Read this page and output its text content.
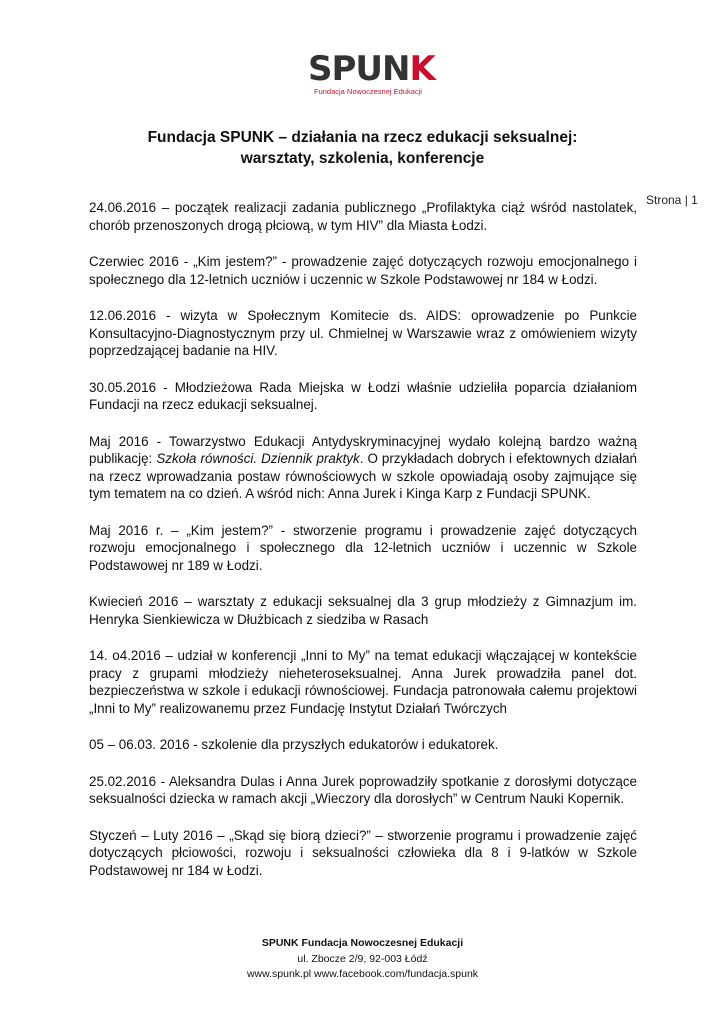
SPUNK
Fundacja Nowoczesnej Edukacji
Fundacja SPUNK – działania na rzecz edukacji seksualnej:
warsztaty, szkolenia, konferencje
Strona | 1

24.06.2016 – początek realizacji zadania publicznego „Profilaktyka ciąż wśród nastolatek, chorób przenoszonych drogą płciową, w tym HIV” dla Miasta Łodzi.

Czerwiec 2016 - „Kim jestem?” - prowadzenie zajęć dotyczących rozwoju emocjonalnego i społecznego dla 12-letnich uczniów i uczennic w Szkole Podstawowej nr 184 w Łodzi.

12.06.2016 - wizyta w Społecznym Komitecie ds. AIDS: oprowadzenie po Punkcie Konsultacyjno-Diagnostycznym przy ul. Chmielnej w Warszawie wraz z omówieniem wizyty poprzedzającej badanie na HIV.

30.05.2016 - Młodzieżowa Rada Miejska w Łodzi właśnie udzieliła poparcia działaniom Fundacji na rzecz edukacji seksualnej.

Maj 2016 - Towarzystwo Edukacji Antydyskryminacyjnej wydało kolejną bardzo ważną publikację: Szkoła równości. Dziennik praktyk. O przykładach dobrych i efektownych działań na rzecz wprowadzania postaw równościowych w szkole opowiadają osoby zajmujące się tym tematem na co dzień. A wśród nich: Anna Jurek i Kinga Karp z Fundacji SPUNK.

Maj 2016 r. – „Kim jestem?” - stworzenie programu i prowadzenie zajęć dotyczących rozwoju emocjonalnego i społecznego dla 12-letnich uczniów i uczennic w Szkole Podstawowej nr 189 w Łodzi.

Kwiecień 2016 – warsztaty z edukacji seksualnej dla 3 grup młodzieży z Gimnazjum im. Henryka Sienkiewicza w Dłużbicach z siedziba w Rasach

14. o4.2016 – udział w konferencji „Inni to My” na temat edukacji włączającej w kontekście pracy z grupami młodzieży nieheteroseksualnej. Anna Jurek prowadziła panel dot. bezpieczeństwa w szkole i edukacji równościowej. Fundacja patronowała całemu projektowi „Inni to My” realizowanemu przez Fundację Instytut Działań Twórczych

05 – 06.03. 2016 - szkolenie dla przyszłych edukatorów i edukatorek.

25.02.2016 - Aleksandra Dulas i Anna Jurek poprowadziły spotkanie z dorosłymi dotyczące seksualności dziecka w ramach akcji „Wieczory dla dorosłych” w Centrum Nauki Kopernik.

Styczeń – Luty 2016 – „Skąd się biorą dzieci?” – stworzenie programu i prowadzenie zajęć dotyczących płciowości, rozwoju i seksualności człowieka dla 8 i 9-latków w Szkole Podstawowej nr 184 w Łodzi.

SPUNK Fundacja Nowoczesnej Edukacji
ul. Zbocze 2/9, 92-003 Łódź
www.spunk.pl www.facebook.com/fundacja.spunk
